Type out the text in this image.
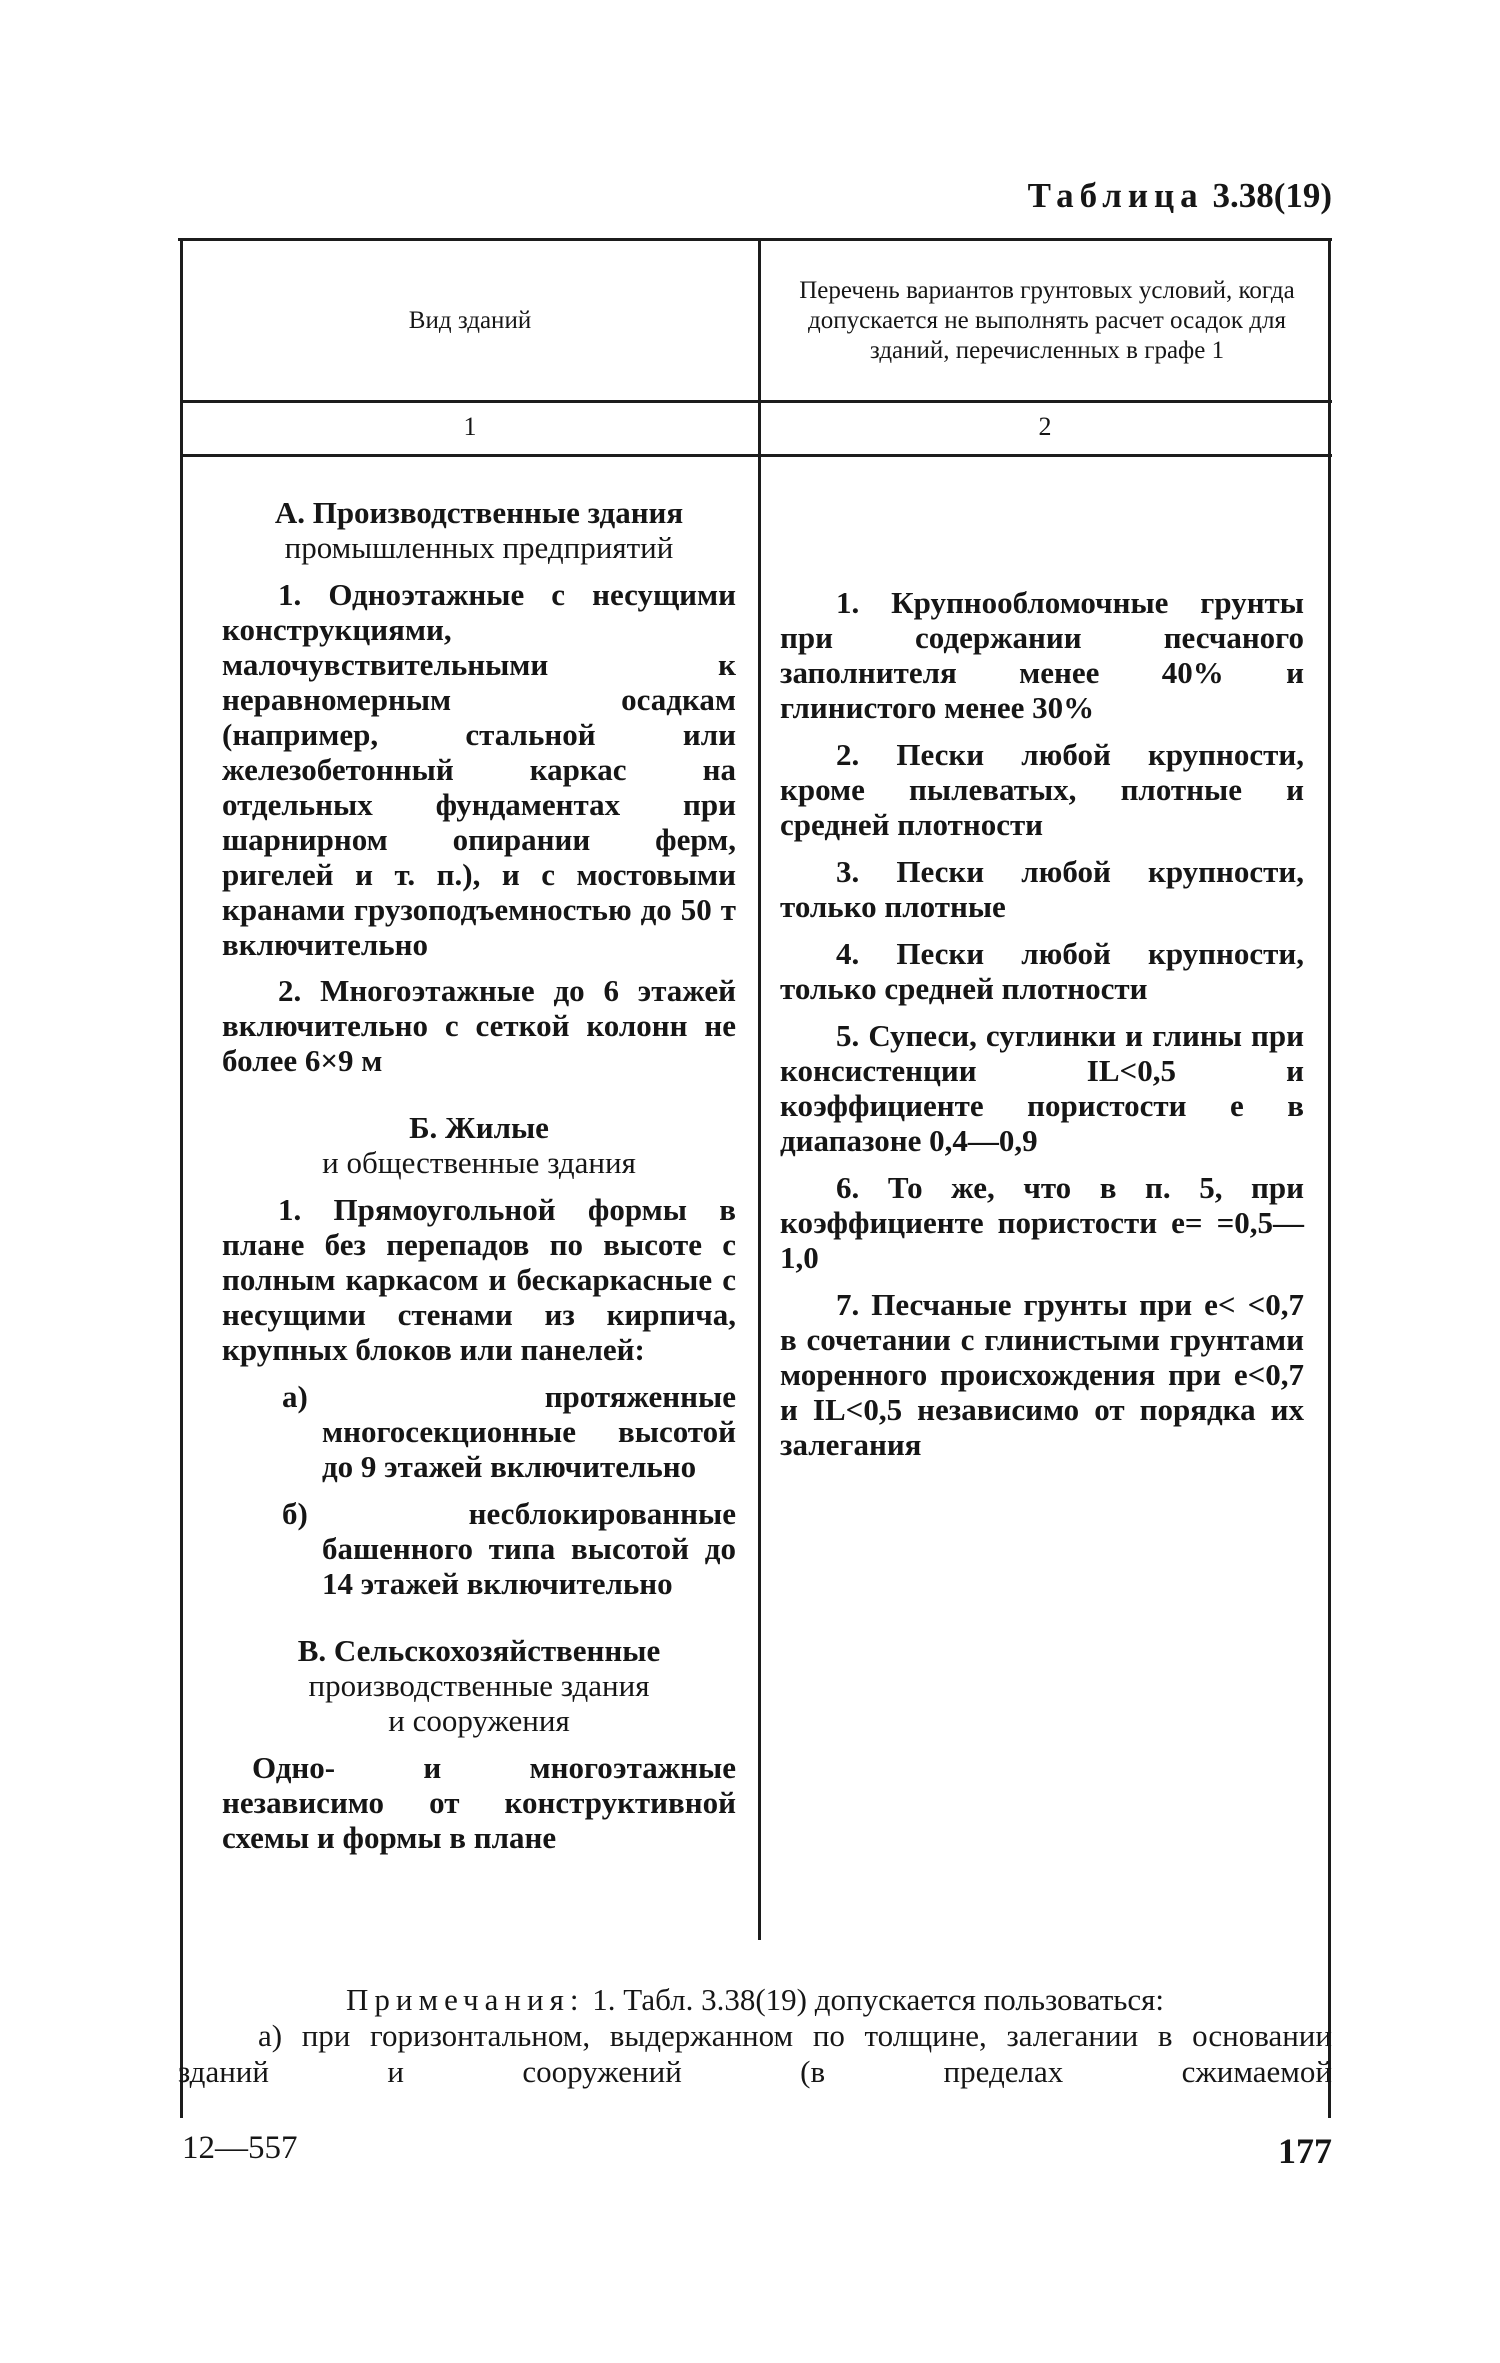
Таблица 3.38(19)
Вид зданий
Перечень вариантов грунтовых условий, когда допускается не выполнять расчет осадок для зданий, перечисленных в графе 1
1	2
А. Производственные здания
промышленных предприятий
1. Одноэтажные с несущими конструкциями, малочувствительными к неравномерным осадкам (например, стальной или железобетонный каркас на отдельных фундаментах при шарнирном опирании ферм, ригелей и т. п.), и с мостовыми кранами грузоподъемностью до 50 т включительно
2. Многоэтажные до 6 этажей включительно с сеткой колонн не более 6×9 м
Б. Жилые
и общественные здания
1. Прямоугольной формы в плане без перепадов по высоте с полным каркасом и бескаркасные с несущими стенами из кирпича, крупных блоков или панелей:
а) протяженные многосекционные высотой до 9 этажей включительно
б) несблокированные башенного типа высотой до 14 этажей включительно
В. Сельскохозяйственные
производственные здания
и сооружения
Одно- и многоэтажные независимо от конструктивной схемы и формы в плане
1. Крупнообломочные грунты при содержании песчаного заполнителя менее 40% и глинистого менее 30%
2. Пески любой крупности, кроме пылеватых, плотные и средней плотности
3. Пески любой крупности, только плотные
4. Пески любой крупности, только средней плотности
5. Супеси, суглинки и глины при консистенции IL<0,5 и коэффициенте пористости e в диапазоне 0,4—0,9
6. То же, что в п. 5, при коэффициенте пористости e= =0,5—1,0
7. Песчаные грунты при e< <0,7 в сочетании с глинистыми грунтами моренного происхождения при e<0,7 и IL<0,5 независимо от порядка их залегания

Примечания: 1. Табл. 3.38(19) допускается пользоваться:

а) при горизонтальном, выдержанном по толщине, залегании в основании зданий и сооружений (в пределах сжимаемой

12—557	177
